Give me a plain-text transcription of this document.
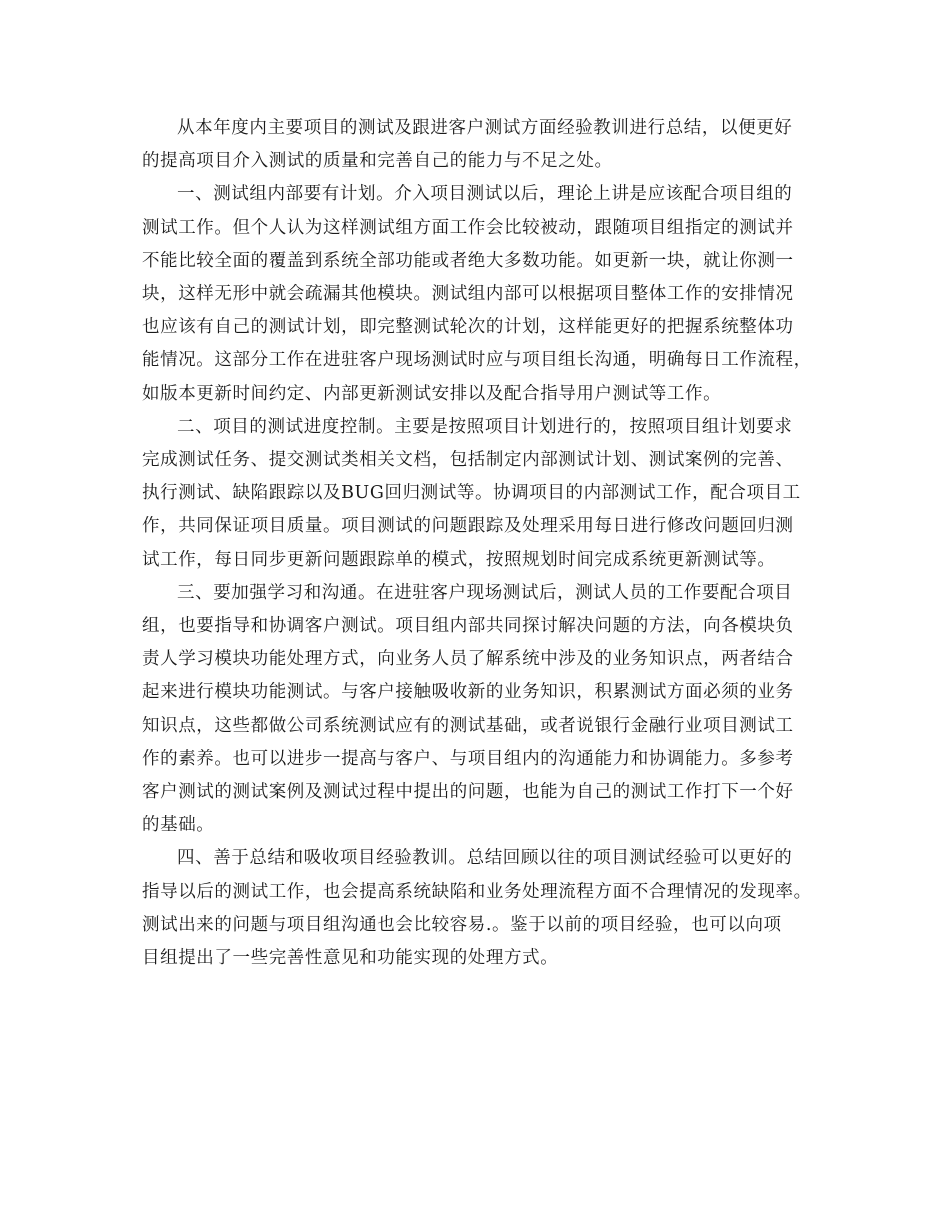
从本年度内主要项目的测试及跟进客户测试方面经验教训进行总结，以便更好
的提高项目介入测试的质量和完善自己的能力与不足之处。
一、测试组内部要有计划。介入项目测试以后，理论上讲是应该配合项目组的
测试工作。但个人认为这样测试组方面工作会比较被动，跟随项目组指定的测试并
不能比较全面的覆盖到系统全部功能或者绝大多数功能。如更新一块，就让你测一
块，这样无形中就会疏漏其他模块。测试组内部可以根据项目整体工作的安排情况
也应该有自己的测试计划，即完整测试轮次的计划，这样能更好的把握系统整体功
能情况。这部分工作在进驻客户现场测试时应与项目组长沟通，明确每日工作流程，
如版本更新时间约定、内部更新测试安排以及配合指导用户测试等工作。
二、项目的测试进度控制。主要是按照项目计划进行的，按照项目组计划要求
完成测试任务、提交测试类相关文档，包括制定内部测试计划、测试案例的完善、
执行测试、缺陷跟踪以及BUG回归测试等。协调项目的内部测试工作，配合项目工
作，共同保证项目质量。项目测试的问题跟踪及处理采用每日进行修改问题回归测
试工作，每日同步更新问题跟踪单的模式，按照规划时间完成系统更新测试等。
三、要加强学习和沟通。在进驻客户现场测试后，测试人员的工作要配合项目
组，也要指导和协调客户测试。项目组内部共同探讨解决问题的方法，向各模块负
责人学习模块功能处理方式，向业务人员了解系统中涉及的业务知识点，两者结合
起来进行模块功能测试。与客户接触吸收新的业务知识，积累测试方面必须的业务
知识点，这些都做公司系统测试应有的测试基础，或者说银行金融行业项目测试工
作的素养。也可以进步一提高与客户、与项目组内的沟通能力和协调能力。多参考
客户测试的测试案例及测试过程中提出的问题，也能为自己的测试工作打下一个好
的基础。
四、善于总结和吸收项目经验教训。总结回顾以往的项目测试经验可以更好的
指导以后的测试工作，也会提高系统缺陷和业务处理流程方面不合理情况的发现率。
测试出来的问题与项目组沟通也会比较容易.。鉴于以前的项目经验，也可以向项
目组提出了一些完善性意见和功能实现的处理方式。
